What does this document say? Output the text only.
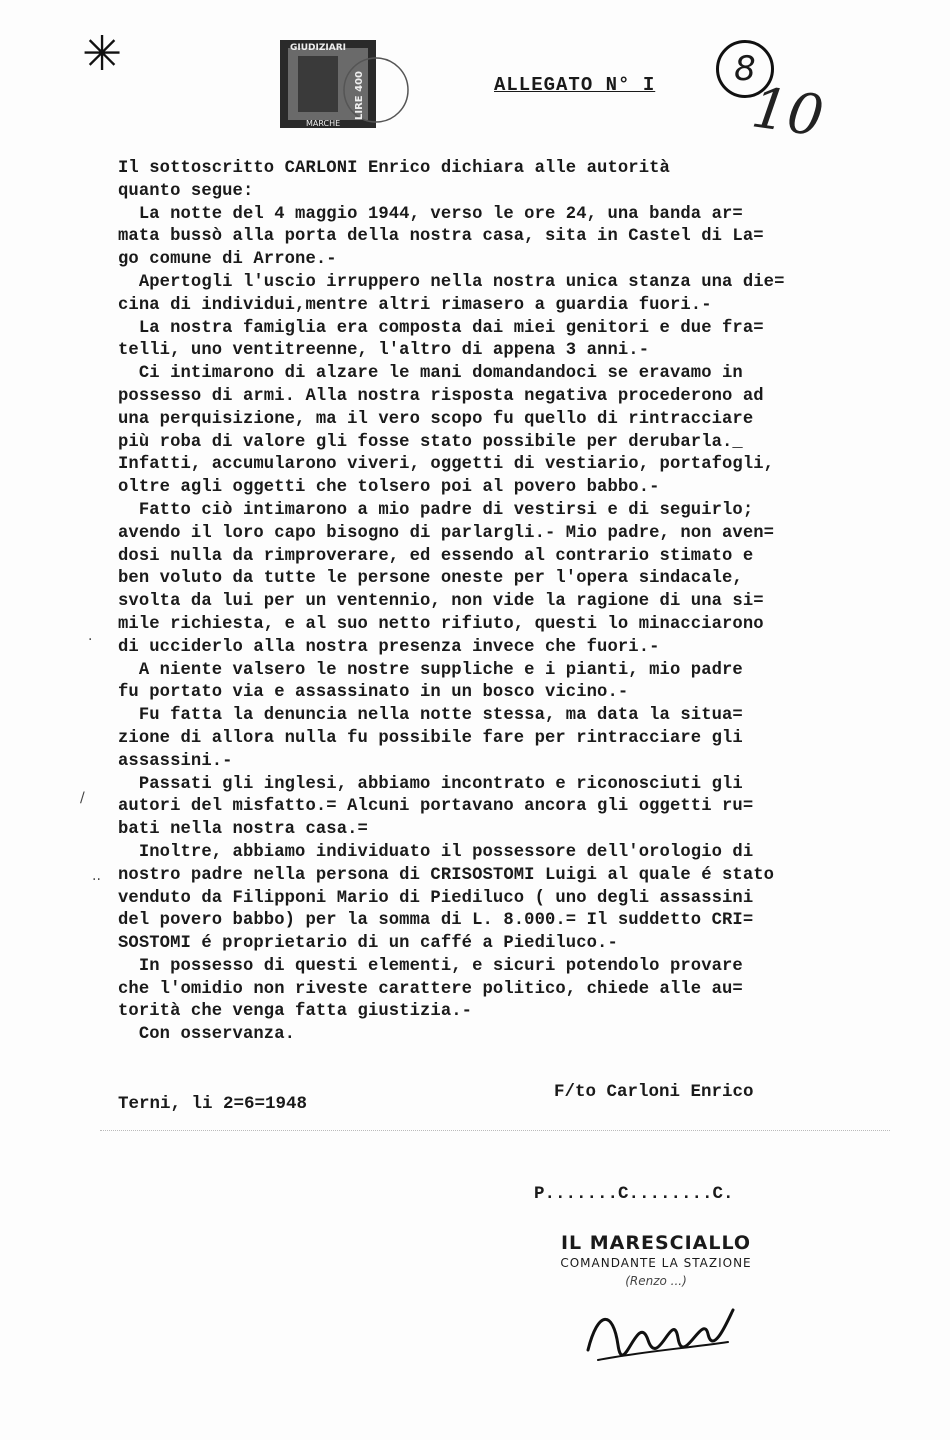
✳	GIUDIZIARI
LIRE 400
MARCHE
ALLEGATO N° I 8
10
Il sottoscritto CARLONI Enrico dichiara alle autorità
quanto segue:
La notte del 4 maggio 1944, verso le ore 24, una banda ar=
mata bussò alla porta della nostra casa, sita in Castel di La=
go comune di Arrone.-
Apertogli l'uscio irruppero nella nostra unica stanza una die=
cina di individui,mentre altri rimasero a guardia fuori.-
La nostra famiglia era composta dai miei genitori e due fra=
telli, uno ventitreenne, l'altro di appena 3 anni.-
Ci intimarono di alzare le mani domandandoci se eravamo in
possesso di armi. Alla nostra risposta negativa procederono ad
una perquisizione, ma il vero scopo fu quello di rintracciare
più roba di valore gli fosse stato possibile per derubarla._
Infatti, accumularono viveri, oggetti di vestiario, portafogli,
oltre agli oggetti che tolsero poi al povero babbo.-
Fatto ciò intimarono a mio padre di vestirsi e di seguirlo;
avendo il loro capo bisogno di parlargli.- Mio padre, non aven=
dosi nulla da rimproverare, ed essendo al contrario stimato e
ben voluto da tutte le persone oneste per l'opera sindacale,
svolta da lui per un ventennio, non vide la ragione di una si=
mile richiesta, e al suo netto rifiuto, questi lo minacciarono
di ucciderlo alla nostra presenza invece che fuori.-
A niente valsero le nostre suppliche e i pianti, mio padre
fu portato via e assassinato in un bosco vicino.-
Fu fatta la denuncia nella notte stessa, ma data la situa=
zione di allora nulla fu possibile fare per rintracciare gli
assassini.-
Passati gli inglesi, abbiamo incontrato e riconosciuti gli
autori del misfatto.= Alcuni portavano ancora gli oggetti ru=
bati nella nostra casa.=
Inoltre, abbiamo individuato il possessore dell'orologio di
nostro padre nella persona di CRISOSTOMI Luigi al quale é stato
venduto da Filipponi Mario di Piediluco ( uno degli assassini
del povero babbo) per la somma di L. 8.000.= Il suddetto CRI=
SOSTOMI é proprietario di un caffé a Piediluco.-
In possesso di questi elementi, e sicuri potendolo provare
che l'omidio non riveste carattere politico, chiede alle au=
torità che venga fatta giustizia.-
Con osservanza.
Terni, li 2=6=1948
F/to Carloni Enrico
P.......C........C.
IL MARESCIALLO
COMANDANTE LA STAZIONE
(Renzo ...)
·
/
··
